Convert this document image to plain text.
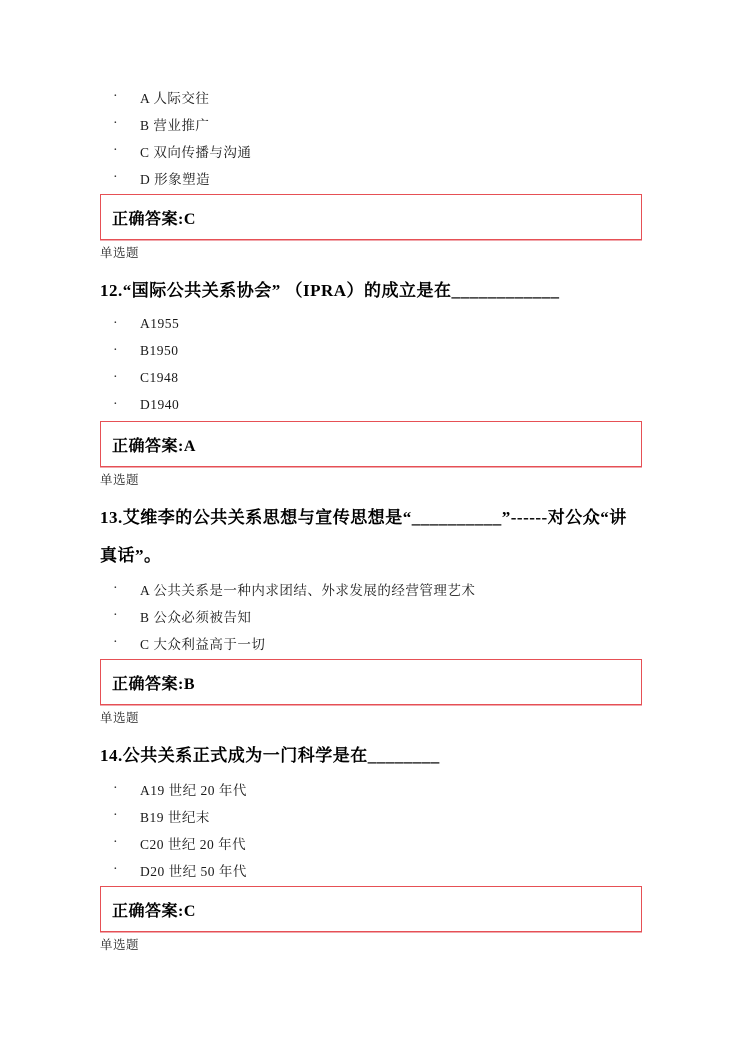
·	A 人际交往
·	B 营业推广
·	C 双向传播与沟通
·	D 形象塑造
正确答案:C
单选题
12.“国际公共关系协会” （IPRA）的成立是在____________
·	A1955
·	B1950
·	C1948
·	D1940
正确答案:A
单选题
13.艾维李的公共关系思想与宣传思想是“__________”------对公众“讲真话”。
·	A 公共关系是一种内求团结、外求发展的经营管理艺术
·	B 公众必须被告知
·	C 大众利益高于一切
正确答案:B
单选题
14.公共关系正式成为一门科学是在________
·	A19 世纪 20 年代
·	B19 世纪末
·	C20 世纪 20 年代
·	D20 世纪 50 年代
正确答案:C
单选题
